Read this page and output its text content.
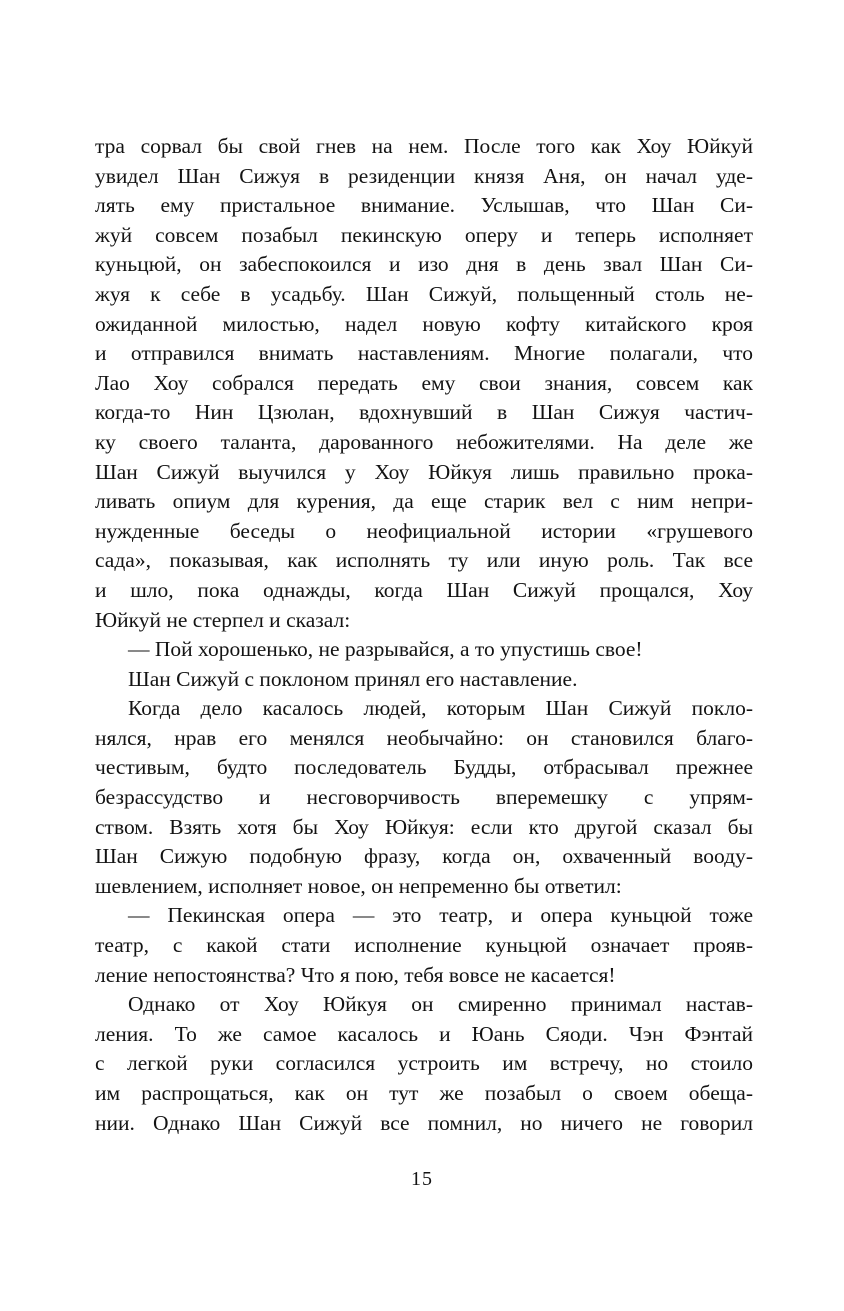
тра сорвал бы свой гнев на нем. После того как Хоу Юйкуй
увидел Шан Сижуя в резиденции князя Аня, он начал уде-
лять ему пристальное внимание. Услышав, что Шан Си-
жуй совсем позабыл пекинскую оперу и теперь исполняет
куньцюй, он забеспокоился и изо дня в день звал Шан Си-
жуя к себе в усадьбу. Шан Сижуй, польщенный столь не-
ожиданной милостью, надел новую кофту китайского кроя
и отправился внимать наставлениям. Многие полагали, что
Лао Хоу собрался передать ему свои знания, совсем как
когда-то Нин Цзюлан, вдохнувший в Шан Сижуя частич-
ку своего таланта, дарованного небожителями. На деле же
Шан Сижуй выучился у Хоу Юйкуя лишь правильно прока-
ливать опиум для курения, да еще старик вел с ним непри-
нужденные беседы о неофициальной истории «грушевого
сада», показывая, как исполнять ту или иную роль. Так все
и шло, пока однажды, когда Шан Сижуй прощался, Хоу
Юйкуй не стерпел и сказал:
— Пой хорошенько, не разрывайся, а то упустишь свое!
Шан Сижуй с поклоном принял его наставление.
Когда дело касалось людей, которым Шан Сижуй покло-
нялся, нрав его менялся необычайно: он становился благо-
честивым, будто последователь Будды, отбрасывал прежнее
безрассудство и несговорчивость вперемешку с упрям-
ством. Взять хотя бы Хоу Юйкуя: если кто другой сказал бы
Шан Сижую подобную фразу, когда он, охваченный вооду-
шевлением, исполняет новое, он непременно бы ответил:
— Пекинская опера — это театр, и опера куньцюй тоже
театр, с какой стати исполнение куньцюй означает прояв-
ление непостоянства? Что я пою, тебя вовсе не касается!
Однако от Хоу Юйкуя он смиренно принимал настав-
ления. То же самое касалось и Юань Сяоди. Чэн Фэнтай
с легкой руки согласился устроить им встречу, но стоило
им распрощаться, как он тут же позабыл о своем обеща-
нии. Однако Шан Сижуй все помнил, но ничего не говорил
15
